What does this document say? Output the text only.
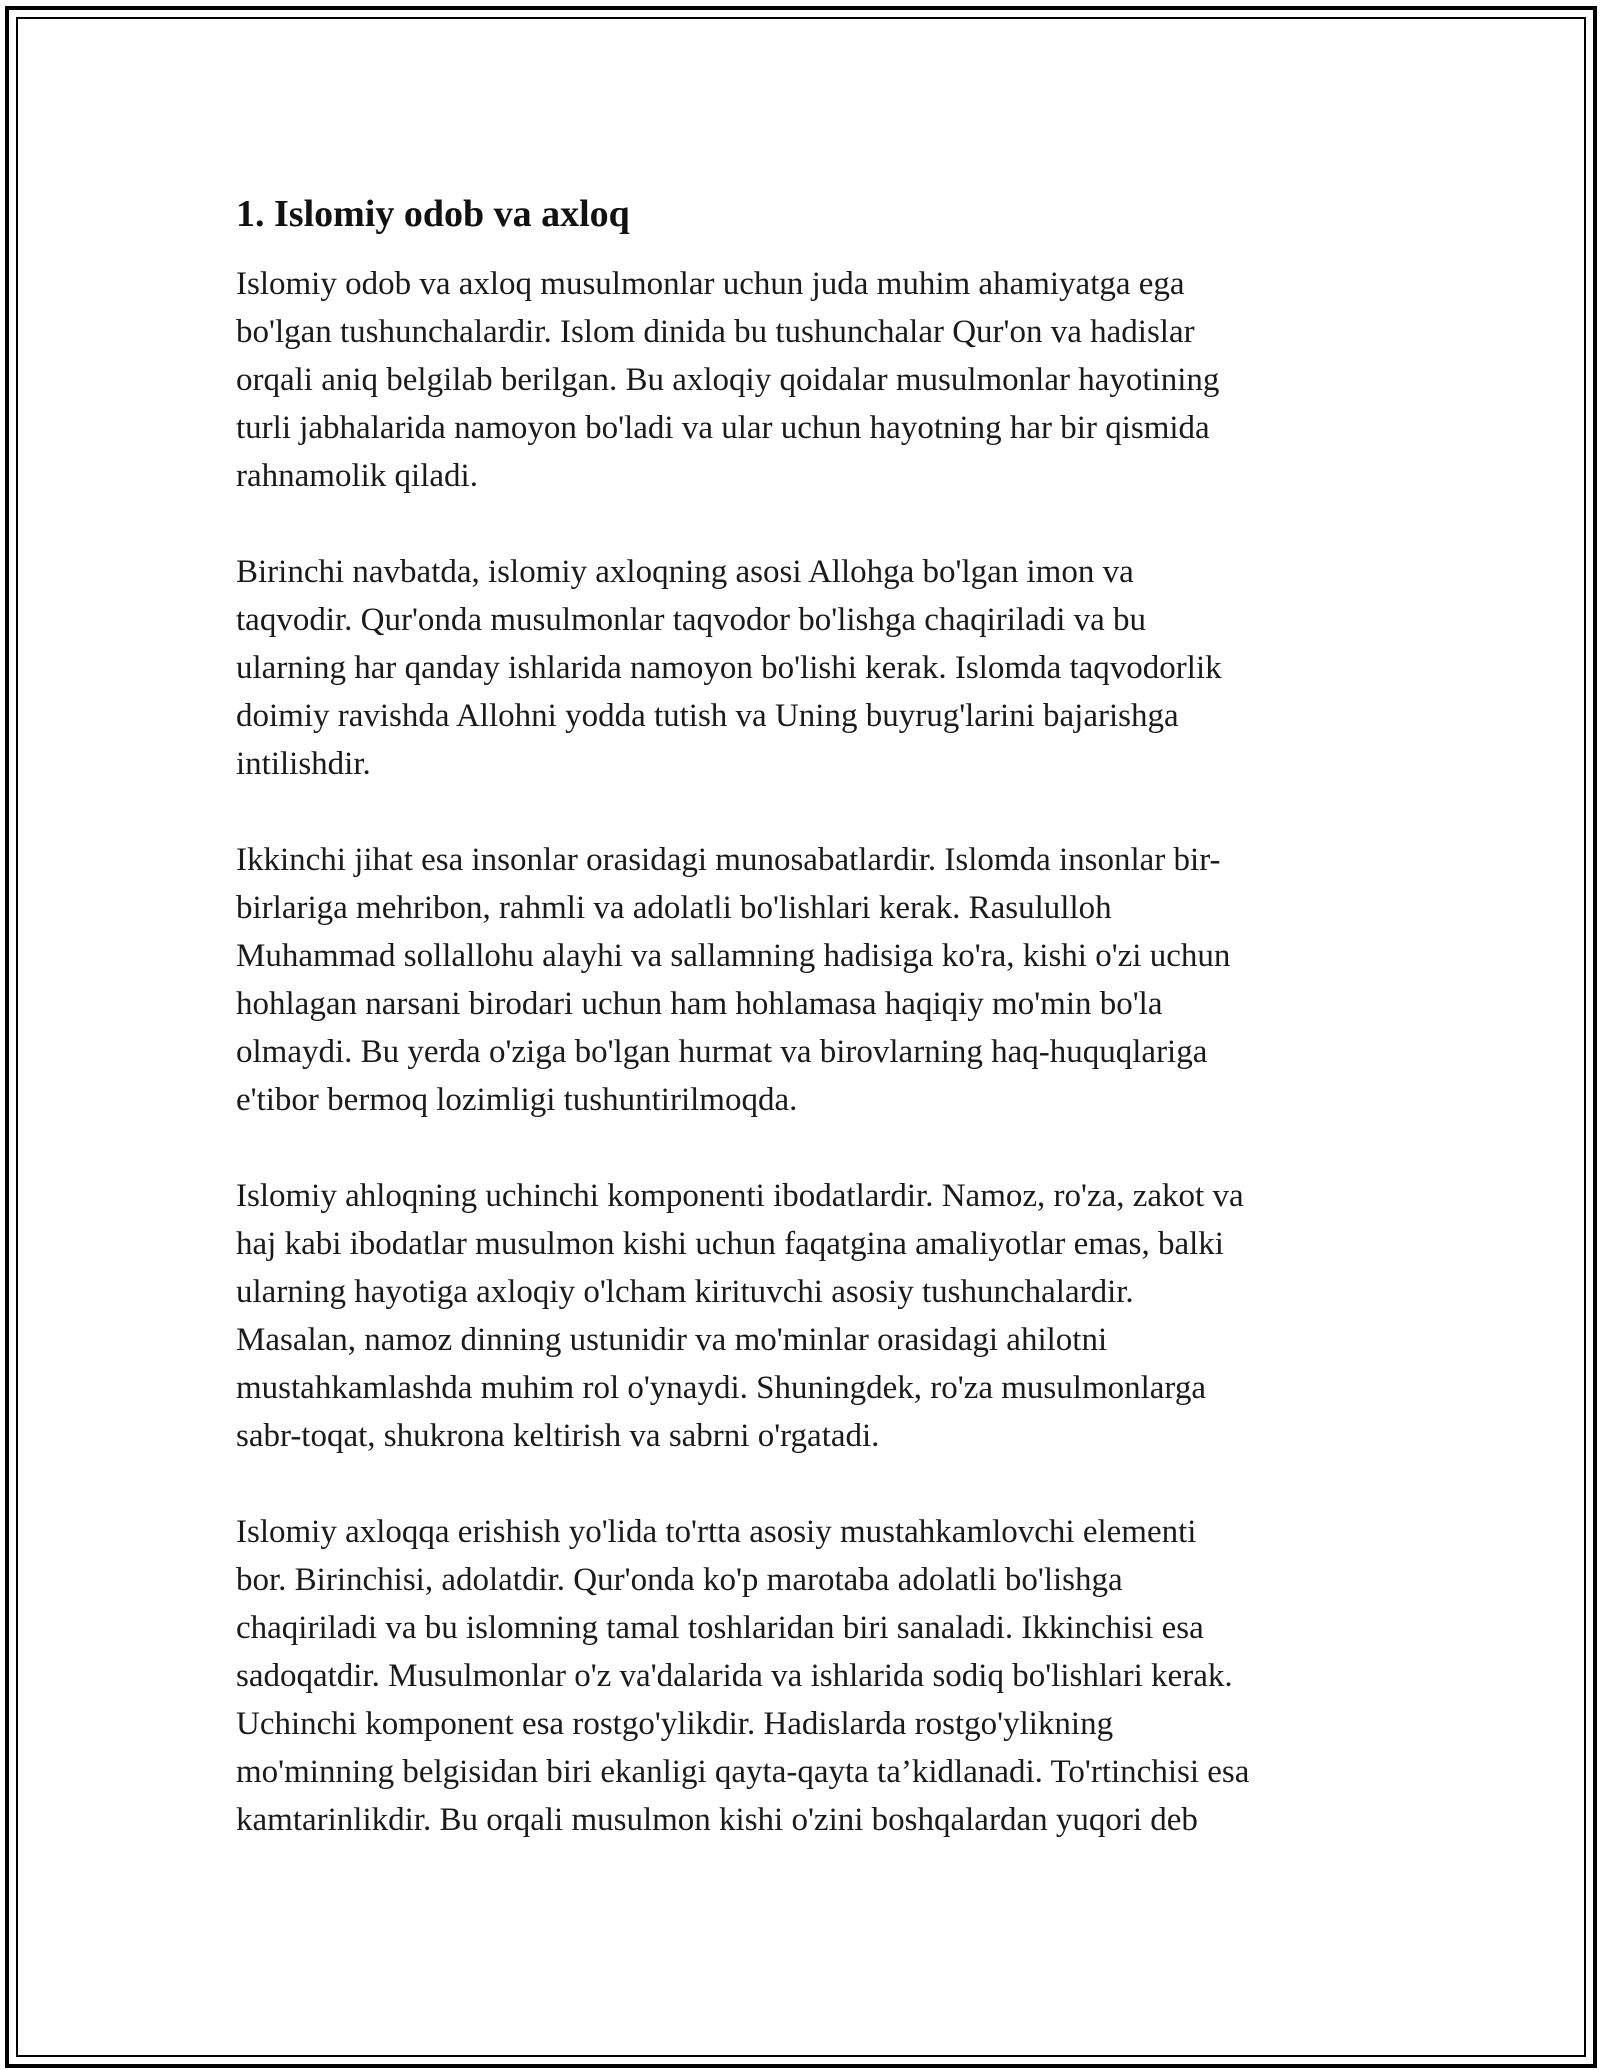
1. Islomiy odob va axloq

Islomiy odob va axloq musulmonlar uchun juda muhim ahamiyatga ega
bo'lgan tushunchalardir. Islom dinida bu tushunchalar Qur'on va hadislar
orqali aniq belgilab berilgan. Bu axloqiy qoidalar musulmonlar hayotining
turli jabhalarida namoyon bo'ladi va ular uchun hayotning har bir qismida
rahnamolik qiladi.

Birinchi navbatda, islomiy axloqning asosi Allohga bo'lgan imon va
taqvodir. Qur'onda musulmonlar taqvodor bo'lishga chaqiriladi va bu
ularning har qanday ishlarida namoyon bo'lishi kerak. Islomda taqvodorlik
doimiy ravishda Allohni yodda tutish va Uning buyrug'larini bajarishga
intilishdir.

Ikkinchi jihat esa insonlar orasidagi munosabatlardir. Islomda insonlar bir-
birlariga mehribon, rahmli va adolatli bo'lishlari kerak. Rasululloh
Muhammad sollallohu alayhi va sallamning hadisiga ko'ra, kishi o'zi uchun
hohlagan narsani birodari uchun ham hohlamasa haqiqiy mo'min bo'la
olmaydi. Bu yerda o'ziga bo'lgan hurmat va birovlarning haq-huquqlariga
e'tibor bermoq lozimligi tushuntirilmoqda.

Islomiy ahloqning uchinchi komponenti ibodatlardir. Namoz, ro'za, zakot va
haj kabi ibodatlar musulmon kishi uchun faqatgina amaliyotlar emas, balki
ularning hayotiga axloqiy o'lcham kirituvchi asosiy tushunchalardir.
Masalan, namoz dinning ustunidir va mo'minlar orasidagi ahilotni
mustahkamlashda muhim rol o'ynaydi. Shuningdek, ro'za musulmonlarga
sabr-toqat, shukrona keltirish va sabrni o'rgatadi.

Islomiy axloqqa erishish yo'lida to'rtta asosiy mustahkamlovchi elementi
bor. Birinchisi, adolatdir. Qur'onda ko'p marotaba adolatli bo'lishga
chaqiriladi va bu islomning tamal toshlaridan biri sanaladi. Ikkinchisi esa
sadoqatdir. Musulmonlar o'z va'dalarida va ishlarida sodiq bo'lishlari kerak.
Uchinchi komponent esa rostgo'ylikdir. Hadislarda rostgo'ylikning
mo'minning belgisidan biri ekanligi qayta-qayta ta’kidlanadi. To'rtinchisi esa
kamtarinlikdir. Bu orqali musulmon kishi o'zini boshqalardan yuqori deb
